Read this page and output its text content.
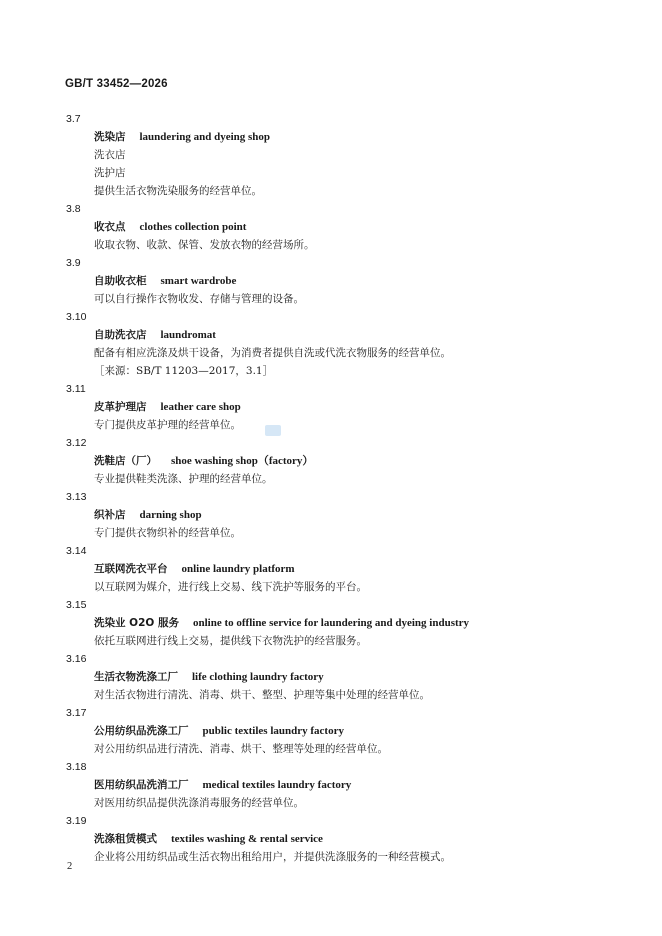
GB/T 33452—2026
3.7
洗染店 laundering and dyeing shop
洗衣店
洗护店
提供生活衣物洗染服务的经营单位。
3.8
收衣点 clothes collection point
收取衣物、收款、保管、发放衣物的经营场所。
3.9
自助收衣柜 smart wardrobe
可以自行操作衣物收发、存储与管理的设备。
3.10
自助洗衣店 laundromat
配备有相应洗涤及烘干设备，为消费者提供自洗或代洗衣物服务的经营单位。
［来源：SB/T 11203—2017，3.1］
3.11
皮革护理店 leather care shop
专门提供皮革护理的经营单位。
3.12
洗鞋店（厂） shoe washing shop（factory）
专业提供鞋类洗涤、护理的经营单位。
3.13
织补店 darning shop
专门提供衣物织补的经营单位。
3.14
互联网洗衣平台 online laundry platform
以互联网为媒介，进行线上交易、线下洗护等服务的平台。
3.15
洗染业 O2O 服务 online to offline service for laundering and dyeing industry
依托互联网进行线上交易，提供线下衣物洗护的经营服务。
3.16
生活衣物洗涤工厂 life clothing laundry factory
对生活衣物进行清洗、消毒、烘干、整型、护理等集中处理的经营单位。
3.17
公用纺织品洗涤工厂 public textiles laundry factory
对公用纺织品进行清洗、消毒、烘干、整理等处理的经营单位。
3.18
医用纺织品洗消工厂 medical textiles laundry factory
对医用纺织品提供洗涤消毒服务的经营单位。
3.19
洗涤租赁模式 textiles washing & rental service
企业将公用纺织品或生活衣物出租给用户，并提供洗涤服务的一种经营模式。
2
